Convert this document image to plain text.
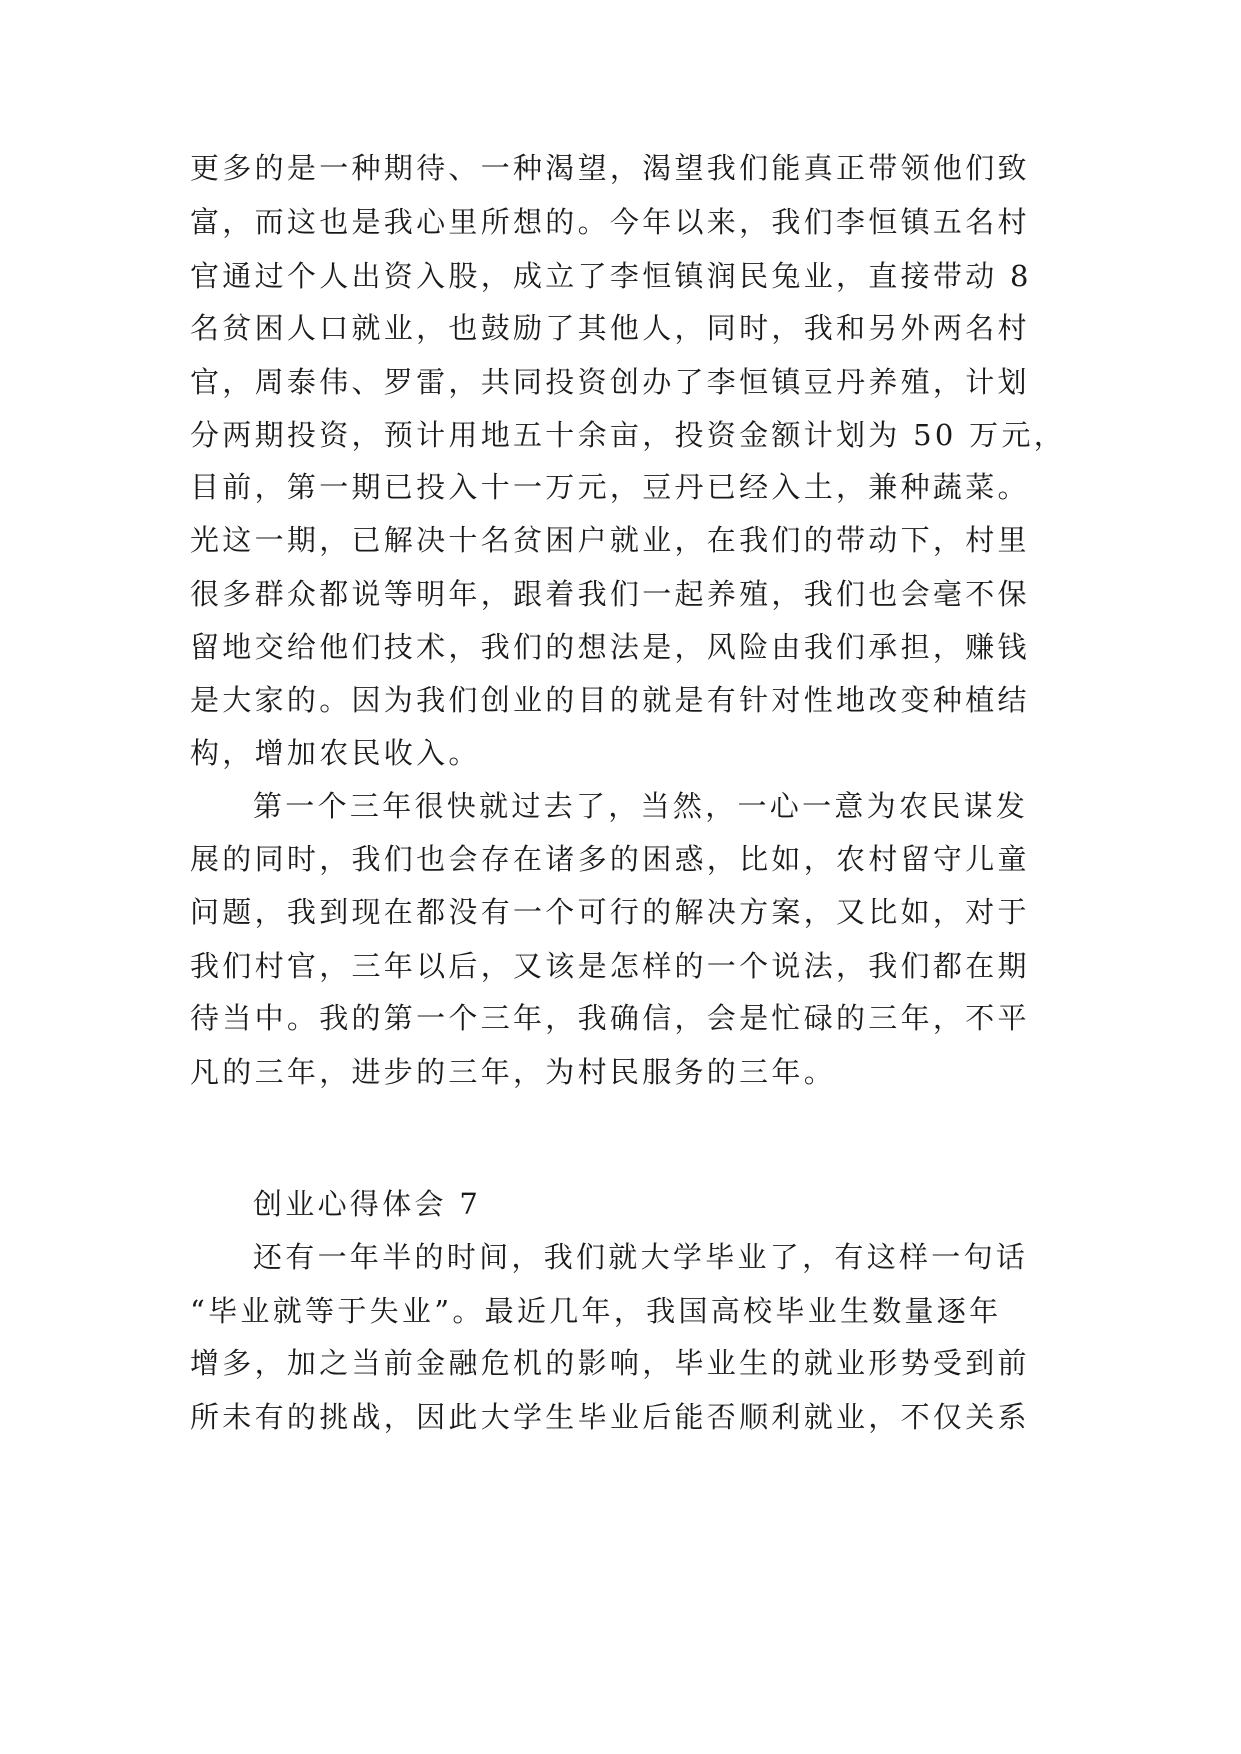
更多的是一种期待、一种渴望，渴望我们能真正带领他们致
富，而这也是我心里所想的。今年以来，我们李恒镇五名村
官通过个人出资入股，成立了李恒镇润民兔业，直接带动 8
名贫困人口就业，也鼓励了其他人，同时，我和另外两名村
官，周泰伟、罗雷，共同投资创办了李恒镇豆丹养殖，计划
分两期投资，预计用地五十余亩，投资金额计划为 50 万元，
目前，第一期已投入十一万元，豆丹已经入土，兼种蔬菜。
光这一期，已解决十名贫困户就业，在我们的带动下，村里
很多群众都说等明年，跟着我们一起养殖，我们也会毫不保
留地交给他们技术，我们的想法是，风险由我们承担，赚钱
是大家的。因为我们创业的目的就是有针对性地改变种植结
构，增加农民收入。
第一个三年很快就过去了，当然，一心一意为农民谋发
展的同时，我们也会存在诸多的困惑，比如，农村留守儿童
问题，我到现在都没有一个可行的解决方案，又比如，对于
我们村官，三年以后，又该是怎样的一个说法，我们都在期
待当中。我的第一个三年，我确信，会是忙碌的三年，不平
凡的三年，进步的三年，为村民服务的三年。
创业心得体会 7
还有一年半的时间，我们就大学毕业了，有这样一句话
“毕业就等于失业”。最近几年，我国高校毕业生数量逐年
增多，加之当前金融危机的影响，毕业生的就业形势受到前
所未有的挑战，因此大学生毕业后能否顺利就业，不仅关系
